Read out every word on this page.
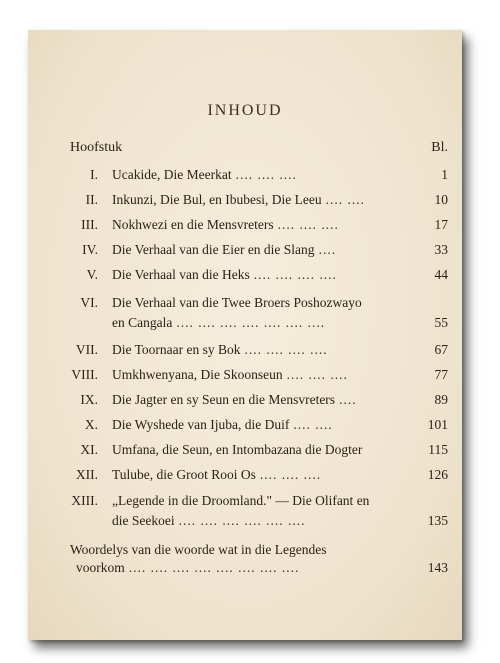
INHOUD
Hoofstuk	Bl.
I. Ucakide, Die Meerkat .... .... ....	1
II. Inkunzi, Die Bul, en Ibubesi, Die Leeu .... ....	10
III. Nokhwezi en die Mensvreters .... .... ....	17
IV. Die Verhaal van die Eier en die Slang ....	33
V. Die Verhaal van die Heks .... .... .... ....	44
VI. Die Verhaal van die Twee Broers Poshozwayo
en Cangala .... .... .... .... .... .... ....	55
VII. Die Toornaar en sy Bok .... .... .... ....	67
VIII. Umkhwenyana, Die Skoonseun .... .... ....	77
IX. Die Jagter en sy Seun en die Mensvreters ....	89
X. Die Wyshede van Ijuba, die Duif .... ....	101
XI. Umfana, die Seun, en Intombazana die Dogter	115
XII. Tulube, die Groot Rooi Os .... .... ....	126
XIII. „Legende in die Droomland." — Die Olifant en
die Seekoei .... .... .... .... .... ....	135
Woordelys van die woorde wat in die Legendes
voorkom .... .... .... .... .... .... .... ....	143
